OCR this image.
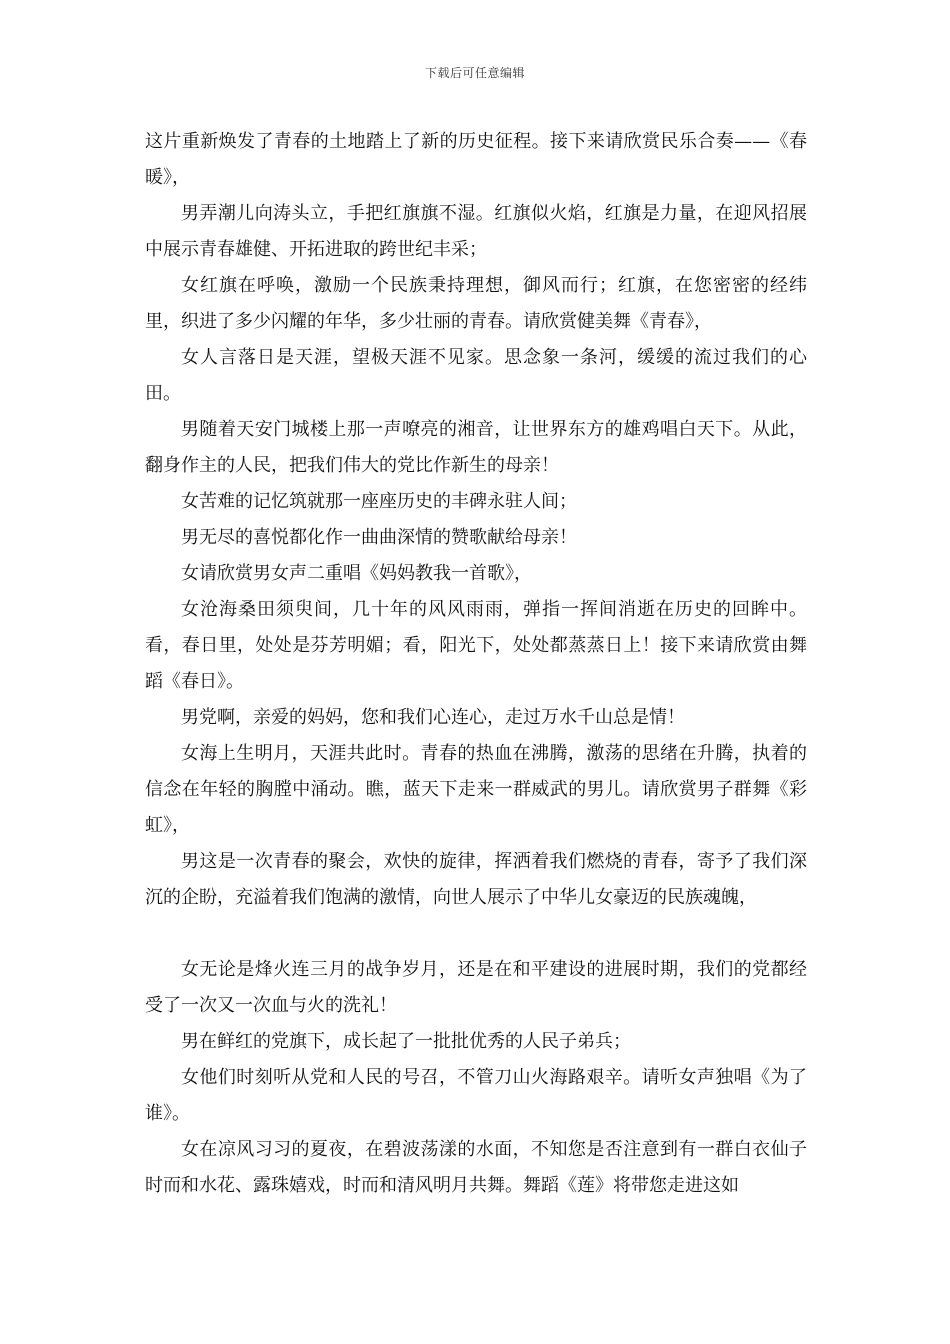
下载后可任意编辑

这片重新焕发了青春的土地踏上了新的历史征程。接下来请欣赏民乐合奏——《春暖》，

男弄潮儿向涛头立，手把红旗旗不湿。红旗似火焰，红旗是力量，在迎风招展中展示青春雄健、开拓进取的跨世纪丰采；

女红旗在呼唤，激励一个民族秉持理想，御风而行；红旗，在您密密的经纬里，织进了多少闪耀的年华，多少壮丽的青春。请欣赏健美舞《青春》，

女人言落日是天涯，望极天涯不见家。思念象一条河，缓缓的流过我们的心田。

男随着天安门城楼上那一声嘹亮的湘音，让世界东方的雄鸡唱白天下。从此，翻身作主的人民，把我们伟大的党比作新生的母亲！

女苦难的记忆筑就那一座座历史的丰碑永驻人间；

男无尽的喜悦都化作一曲曲深情的赞歌献给母亲！

女请欣赏男女声二重唱《妈妈教我一首歌》，

女沧海桑田须臾间，几十年的风风雨雨，弹指一挥间消逝在历史的回眸中。看，春日里，处处是芬芳明媚；看，阳光下，处处都蒸蒸日上！接下来请欣赏由舞蹈《春日》。

男党啊，亲爱的妈妈，您和我们心连心，走过万水千山总是情！

女海上生明月，天涯共此时。青春的热血在沸腾，激荡的思绪在升腾，执着的信念在年轻的胸膛中涌动。瞧，蓝天下走来一群威武的男儿。请欣赏男子群舞《彩虹》，

男这是一次青春的聚会，欢快的旋律，挥洒着我们燃烧的青春，寄予了我们深沉的企盼，充溢着我们饱满的激情，向世人展示了中华儿女豪迈的民族魂魄，

女无论是烽火连三月的战争岁月，还是在和平建设的进展时期，我们的党都经受了一次又一次血与火的洗礼！

男在鲜红的党旗下，成长起了一批批优秀的人民子弟兵；

女他们时刻听从党和人民的号召，不管刀山火海路艰辛。请听女声独唱《为了谁》。

女在凉风习习的夏夜，在碧波荡漾的水面，不知您是否注意到有一群白衣仙子时而和水花、露珠嬉戏，时而和清风明月共舞。舞蹈《莲》将带您走进这如
